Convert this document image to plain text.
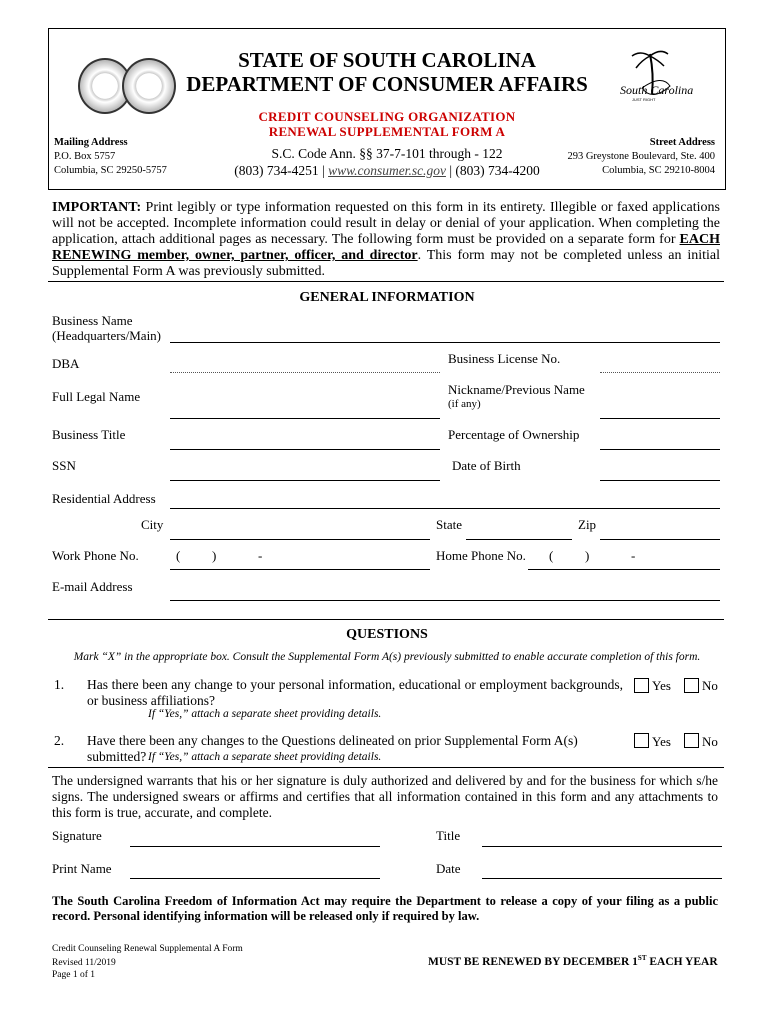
South Carolina
JUST RIGHT
STATE OF SOUTH CAROLINA
DEPARTMENT OF CONSUMER AFFAIRS
CREDIT COUNSELING ORGANIZATION
RENEWAL SUPPLEMENTAL FORM A
Mailing Address
P.O. Box 5757
Columbia, SC 29250-5757
Street Address
293 Greystone Boulevard, Ste. 400
Columbia, SC 29210-8004
S.C. Code Ann. §§ 37-7-101 through - 122
(803) 734-4251 | www.consumer.sc.gov | (803) 734-4200
IMPORTANT: Print legibly or type information requested on this form in its entirety. Illegible or faxed applications will not be accepted. Incomplete information could result in delay or denial of your application. When completing the application, attach additional pages as necessary. The following form must be provided on a separate form for EACH RENEWING member, owner, partner, officer, and director. This form may not be completed unless an initial Supplemental Form A was previously submitted.
GENERAL INFORMATION
Business Name
(Headquarters/Main)
DBA	Business License No.
Full Legal Name	Nickname/Previous Name
(if any)
Business Title	Percentage of Ownership
SSN	Date of Birth
Residential Address
City	State	Zip
Work Phone No.	( )	-	Home Phone No. ( )	-
E-mail Address
QUESTIONS
Mark “X” in the appropriate box. Consult the Supplemental Form A(s) previously submitted to enable accurate completion of this form.
1. Has there been any change to your personal information, educational or employment backgrounds, or business affiliations?
If “Yes,” attach a separate sheet providing details.
Yes No
2. Have there been any changes to the Questions delineated on prior Supplemental Form A(s) submitted? If “Yes,” attach a separate sheet providing details.
Yes No
The undersigned warrants that his or her signature is duly authorized and delivered by and for the business for which s/he signs. The undersigned swears or affirms and certifies that all information contained in this form and any attachments to this form is true, accurate, and complete.
Signature	Title
Print Name	Date
The South Carolina Freedom of Information Act may require the Department to release a copy of your filing as a public record. Personal identifying information will be released only if required by law.
Credit Counseling Renewal Supplemental A Form
Revised 11/2019
Page 1 of 1
MUST BE RENEWED BY DECEMBER 1ST EACH YEAR
